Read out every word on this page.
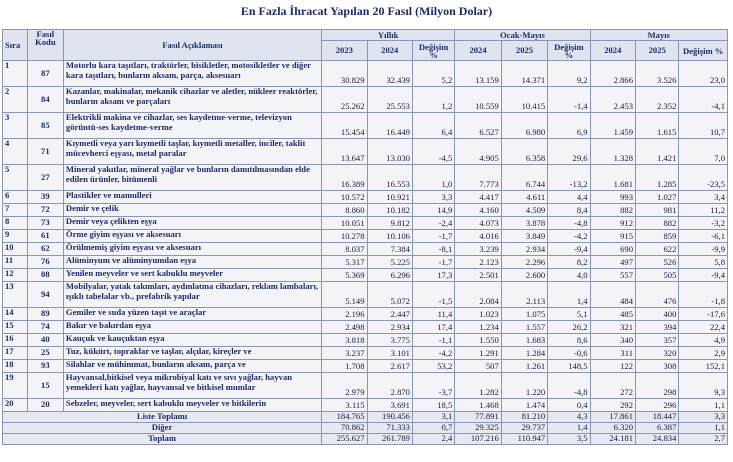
En Fazla İhracat Yapılan 20 Fasıl (Milyon Dolar)
Sıra	Fasıl Kodu	Fasıl Açıklaması	Yıllık			Ocak-Mayıs			Mayıs		
			2023	2024	Değişim %	2024	2025	Değişim %	2024	2025	Değişim %
1	87	Motorlu kara taşıtları, traktörler, bisikletler, motosikletler ve diğer kara taşıtları, bunların aksam, parça, aksesuarı	30.829	32.439	5,2	13.159	14.371	9,2	2.866	3.526	23,0
2	84	Kazanlar, makinalar, mekanik cihazlar ve aletler, nükleer reaktörler, bunların aksam ve parçaları	25.262	25.553	1,2	10.559	10.415	-1,4	2.453	2.352	-4,1
3	85	Elektrikli makina ve cihazlar, ses kaydetme-verme, televizyon görüntü-ses kaydetme-verme	15.454	16.449	6,4	6.527	6.980	6,9	1.459	1.615	10,7
4	71	Kıymetli veya yarı kıymetli taşlar, kıymetli metaller, inciler, taklit mücevherci eşyası, metal paralar	13.647	13.030	-4,5	4.905	6.358	29,6	1.328	1.421	7,0
5	27	Mineral yakıtlar, mineral yağlar ve bunların damıtılmasından elde edilen ürünler, bitümenli	16.389	16.553	1,0	7.773	6.744	-13,2	1.681	1.285	-23,5
6	39	Plastikler ve mamulleri	10.572	10.921	3,3	4.417	4.611	4,4	993	1.027	3,4
7	72	Demir ve çelik	8.860	10.182	14,9	4.160	4.509	8,4	882	981	11,2
8	73	Demir veya çelikten eşya	10.051	9.812	-2,4	4.073	3.878	-4,8	912	882	-3,2
9	61	Örme giyim eşyası ve aksesuarı	10.278	10.106	-1,7	4.016	3.849	-4,2	915	859	-6,1
10	62	Örülmemiş giyim eşyası ve aksesuarı	8.037	7.384	-8,1	3.239	2.934	-9,4	690	622	-9,9
11	76	Alüminyum ve alüminyumdan eşya	5.317	5.225	-1,7	2.123	2.296	8,2	497	526	5,8
12	08	Yenilen meyveler ve sert kabuklu meyveler	5.369	6.296	17,3	2.501	2.600	4,0	557	505	-9,4
13	94	Mobilyalar, yatak takımları, aydınlatma cihazları, reklam lambaları, ışıklı tabelalar vb., prefabrik yapılar	5.149	5.072	-1,5	2.084	2.113	1,4	484	476	-1,8
14	89	Gemiler ve suda yüzen taşıt ve araçlar	2.196	2.447	11,4	1.023	1.075	5,1	485	400	-17,6
15	74	Bakır ve bakırdan eşya	2.498	2.934	17,4	1.234	1.557	26,2	321	394	22,4
16	40	Kauçuk ve kauçuktan eşya	3.818	3.775	-1,1	1.550	1.683	8,6	340	357	4,9
17	25	Tuz, kükürt, topraklar ve taşlar, alçılar, kireçler ve	3.237	3.101	-4,2	1.291	1.284	-0,6	311	320	2,9
18	93	Silahlar ve mühimmat, bunların aksam, parça ve	1.708	2.617	53,2	507	1.261	148,5	122	308	152,1
19	15	Hayvansal,bitkisel veya mikrobiyal katı ve sıvı yağlar, hayvan yemekleri katı yağlar, hayvansal ve bitkisel mumlar	2.979	2.870	-3,7	1.282	1.220	-4,8	272	298	9,3
20	20	Sebzeler, meyveler, sert kabuklu meyveler ve bitkilerin	3.115	3.691	18,5	1.468	1.474	0,4	292	296	1,1
Liste Toplamı			184.765	190.456	3,1	77.891	81.210	4,3	17.861	18.447	3,3
Diğer			70.862	71.333	0,7	29.325	29.737	1,4	6.320	6.387	1,1
Toplam			255.627	261.789	2,4	107.216	110.947	3,5	24.181	24.834	2,7
